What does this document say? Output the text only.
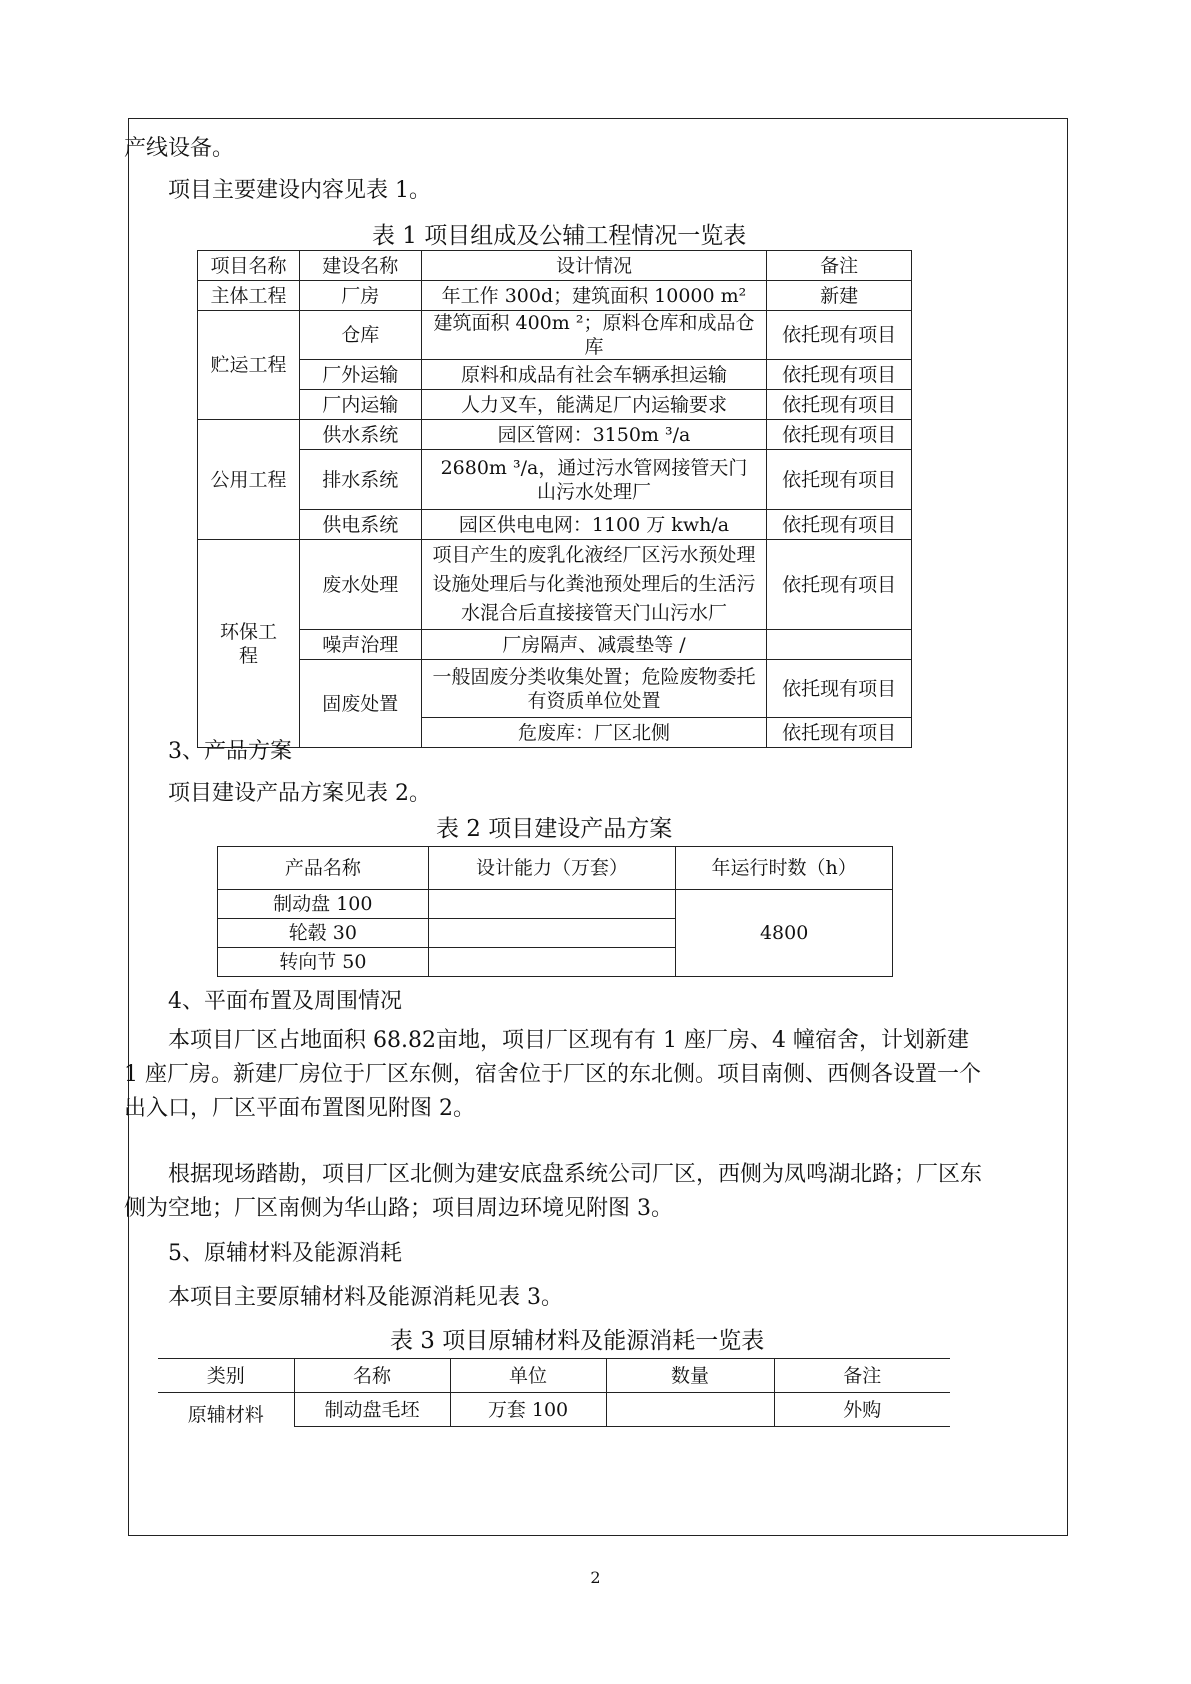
产线设备。
项目主要建设内容见表 1。
表 1 项目组成及公辅工程情况一览表
项目名称	建设名称	设计情况	备注
主体工程	厂房	年工作 300d；建筑面积 10000 m²	新建
贮运工程	仓库	建筑面积 400m ²；原料仓库和成品仓库	依托现有项目
	厂外运输	原料和成品有社会车辆承担运输	依托现有项目
	厂内运输	人力叉车，能满足厂内运输要求	依托现有项目
公用工程	供水系统	园区管网：3150m ³/a	依托现有项目
	排水系统	2680m ³/a，通过污水管网接管天门山污水处理厂	依托现有项目
	供电系统	园区供电电网：1100 万 kwh/a	依托现有项目
环保工程	废水处理	项目产生的废乳化液经厂区污水预处理设施处理后与化粪池预处理后的生活污水混合后直接接管天门山污水厂	依托现有项目
	噪声治理	厂房隔声、减震垫等 /	
	固废处置	一般固废分类收集处置；危险废物委托有资质单位处置	依托现有项目
		危废库：厂区北侧	依托现有项目
3、产品方案
项目建设产品方案见表 2。
表 2 项目建设产品方案
产品名称	设计能力（万套）	年运行时数（h）
制动盘 100		4800
轮毂 30		
转向节 50		
4、平面布置及周围情况
本项目厂区占地面积 68.82亩地，项目厂区现有有 1 座厂房、4 幢宿舍，计划新建 1 座厂房。新建厂房位于厂区东侧，宿舍位于厂区的东北侧。项目南侧、西侧各设置一个出入口，厂区平面布置图见附图 2。
根据现场踏勘，项目厂区北侧为建安底盘系统公司厂区，西侧为凤鸣湖北路；厂区东侧为空地；厂区南侧为华山路；项目周边环境见附图 3。
5、原辅材料及能源消耗
本项目主要原辅材料及能源消耗见表 3。
表 3 项目原辅材料及能源消耗一览表
类别	名称	单位	数量	备注
原辅材料	制动盘毛坯	万套 100		外购
2
